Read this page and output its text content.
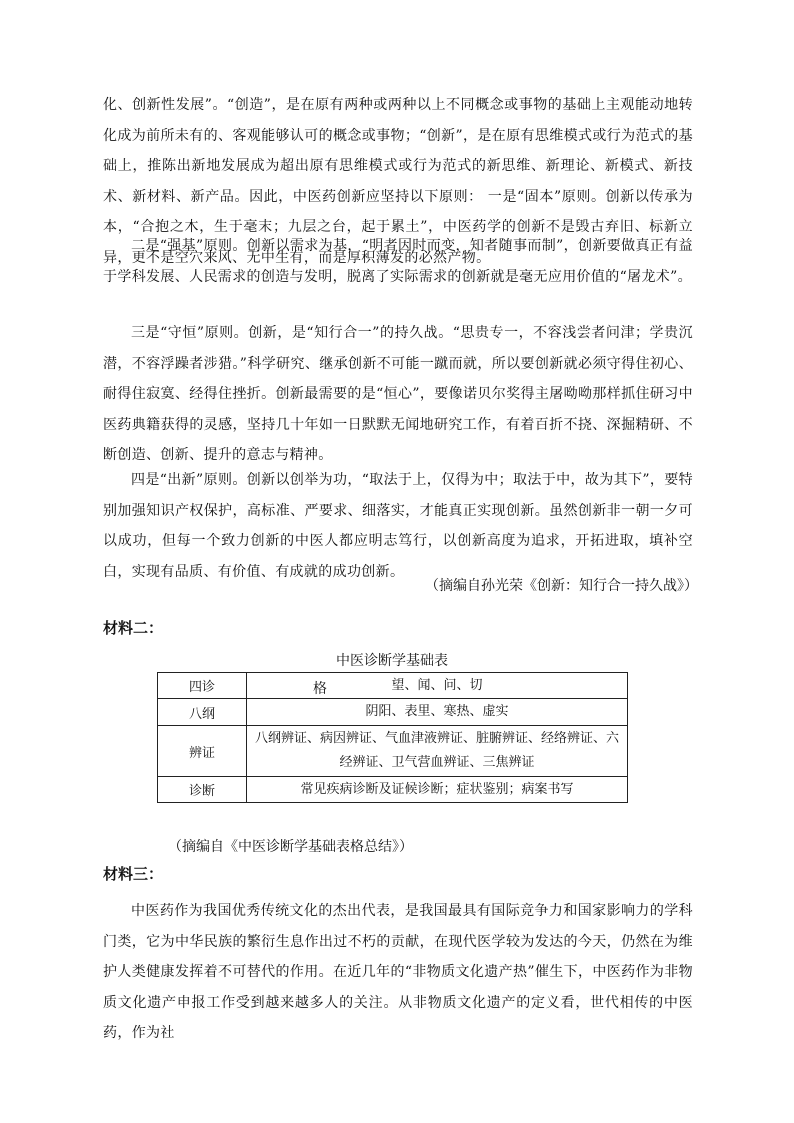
化、创新性发展”。“创造”，是在原有两种或两种以上不同概念或事物的基础上主观能动地转化成为前所未有的、客观能够认可的概念或事物；“创新”，是在原有思维模式或行为范式的基础上，推陈出新地发展成为超出原有思维模式或行为范式的新思维、新理论、新模式、新技术、新材料、新产品。因此，中医药创新应坚持以下原则： 一是“固本”原则。创新以传承为本，“合抱之木，生于毫末；九层之台，起于累土”，中医药学的创新不是毁古弃旧、标新立异，更不是空穴来风、无中生有，而是厚积薄发的必然产物。

二是“强基”原则。创新以需求为基，“明者因时而变，知者随事而制”，创新要做真正有益于学科发展、人民需求的创造与发明，脱离了实际需求的创新就是毫无应用价值的“屠龙术”。

三是“守恒”原则。创新，是“知行合一”的持久战。“思贵专一，不容浅尝者问津；学贵沉潜，不容浮躁者涉猎。”科学研究、继承创新不可能一蹴而就，所以要创新就必须守得住初心、耐得住寂寞、经得住挫折。创新最需要的是“恒心”，要像诺贝尔奖得主屠呦呦那样抓住研习中医药典籍获得的灵感，坚持几十年如一日默默无闻地研究工作，有着百折不挠、深掘精研、不断创造、创新、提升的意志与精神。

四是“出新”原则。创新以创举为功，“取法于上，仅得为中；取法于中，故为其下”，要特别加强知识产权保护，高标准、严要求、细落实，才能真正实现创新。虽然创新非一朝一夕可以成功，但每一个致力创新的中医人都应明志笃行，以创新高度为追求，开拓进取，填补空白，实现有品质、有价值、有成就的成功创新。

（摘编自孙光荣《创新：知行合一持久战》）

材料二：

中医诊断学基础表

四诊	格 望、闻、问、切
八纲	阴阳、表里、寒热、虚实
辨证	八纲辨证、病因辨证、气血津液辨证、脏腑辨证、经络辨证、六经辨证、卫气营血辨证、三焦辨证
诊断	常见疾病诊断及证候诊断；症状鉴别；病案书写

（摘编自《中医诊断学基础表格总结》）

材料三：

中医药作为我国优秀传统文化的杰出代表，是我国最具有国际竞争力和国家影响力的学科门类，它为中华民族的繁衍生息作出过不朽的贡献，在现代医学较为发达的今天，仍然在为维护人类健康发挥着不可替代的作用。在近几年的“非物质文化遗产热”催生下，中医药作为非物质文化遗产申报工作受到越来越多人的关注。从非物质文化遗产的定义看，世代相传的中医药，作为社
